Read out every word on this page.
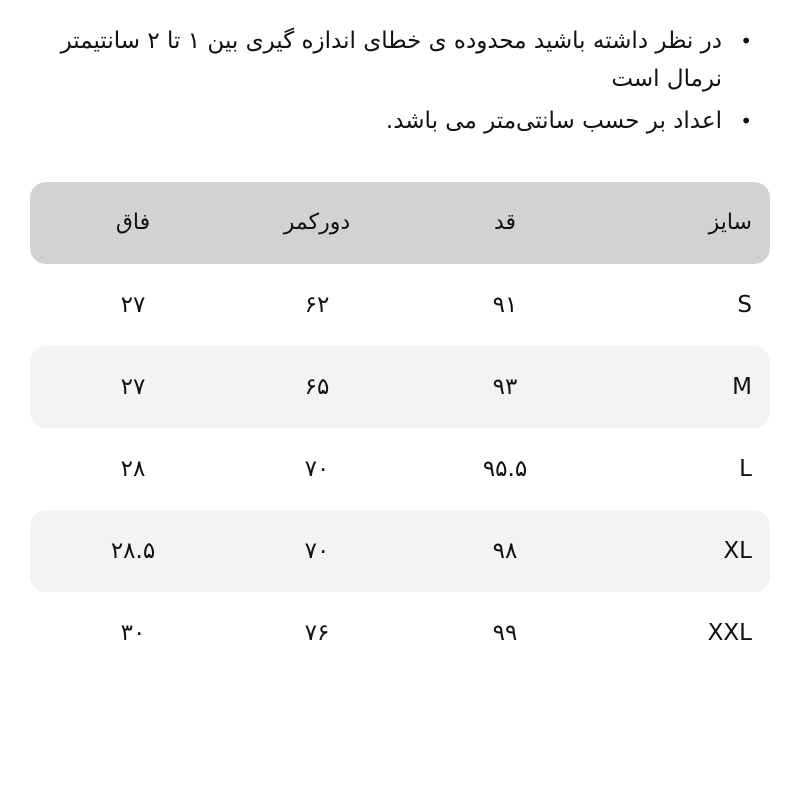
•
در نظر داشته باشید محدوده ی خطای اندازه گیری بین ۱ تا ۲ سانتیمتر نرمال است
•
اعداد بر حسب سانتی‌متر می باشد.
سایز
قد
دورکمر
فاق
S
۹۱
۶۲
۲۷
M
۹۳
۶۵
۲۷
L
۹۵.۵
۷۰
۲۸
XL
۹۸
۷۰
۲۸.۵
XXL
۹۹
۷۶
۳۰
